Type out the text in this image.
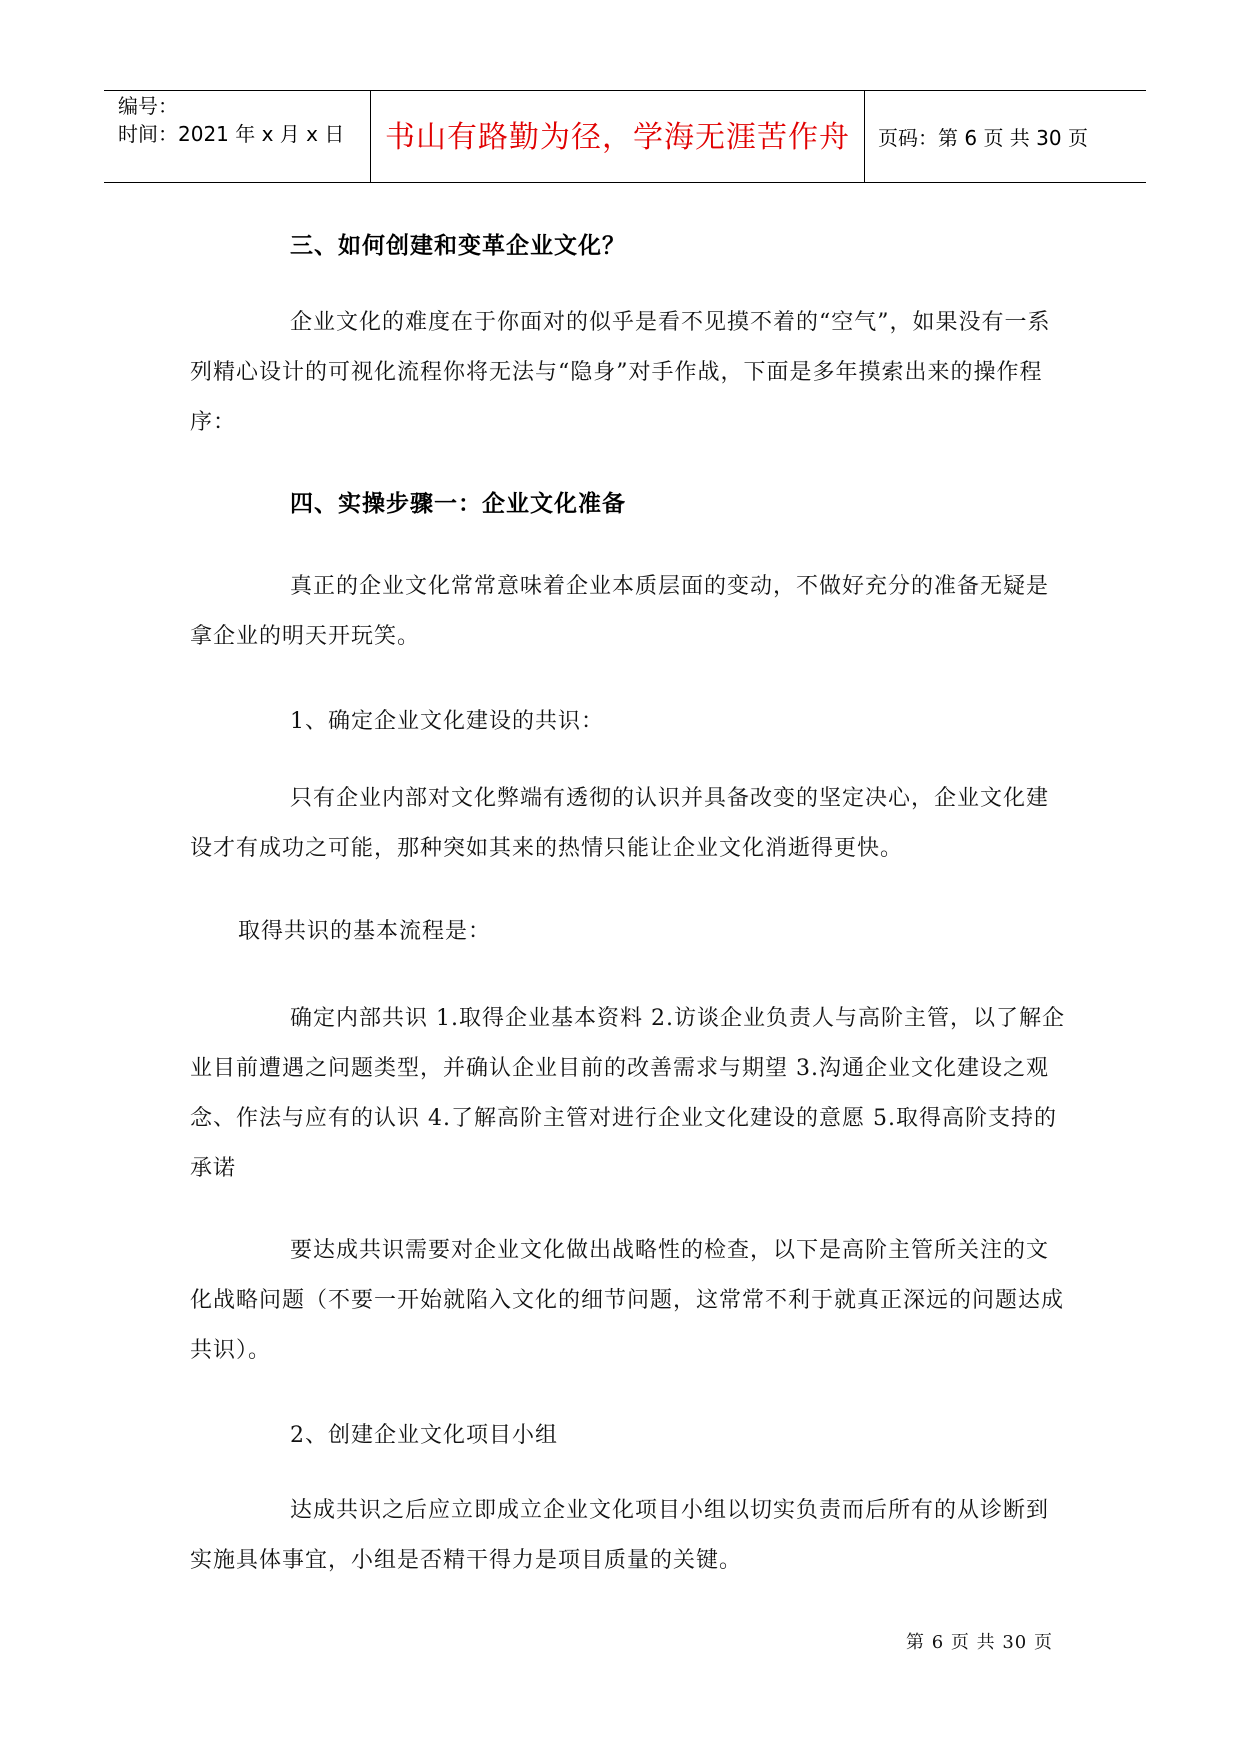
编号：
时间：2021 年 x 月 x 日	书山有路勤为径，学海无涯苦作舟	页码：第 6 页 共 30 页
三、如何创建和变革企业文化？
企业文化的难度在于你面对的似乎是看不见摸不着的“空气”，如果没有一系列精心设计的可视化流程你将无法与“隐身”对手作战，下面是多年摸索出来的操作程序：
四、实操步骤一：企业文化准备
真正的企业文化常常意味着企业本质层面的变动，不做好充分的准备无疑是拿企业的明天开玩笑。
1、确定企业文化建设的共识：
只有企业内部对文化弊端有透彻的认识并具备改变的坚定决心，企业文化建设才有成功之可能，那种突如其来的热情只能让企业文化消逝得更快。
取得共识的基本流程是：
确定内部共识 1.取得企业基本资料 2.访谈企业负责人与高阶主管，以了解企业目前遭遇之问题类型，并确认企业目前的改善需求与期望 3.沟通企业文化建设之观念、作法与应有的认识 4.了解高阶主管对进行企业文化建设的意愿 5.取得高阶支持的承诺
要达成共识需要对企业文化做出战略性的检查，以下是高阶主管所关注的文化战略问题（不要一开始就陷入文化的细节问题，这常常不利于就真正深远的问题达成共识）。
2、创建企业文化项目小组
达成共识之后应立即成立企业文化项目小组以切实负责而后所有的从诊断到实施具体事宜，小组是否精干得力是项目质量的关键。
第 6 页 共 30 页
